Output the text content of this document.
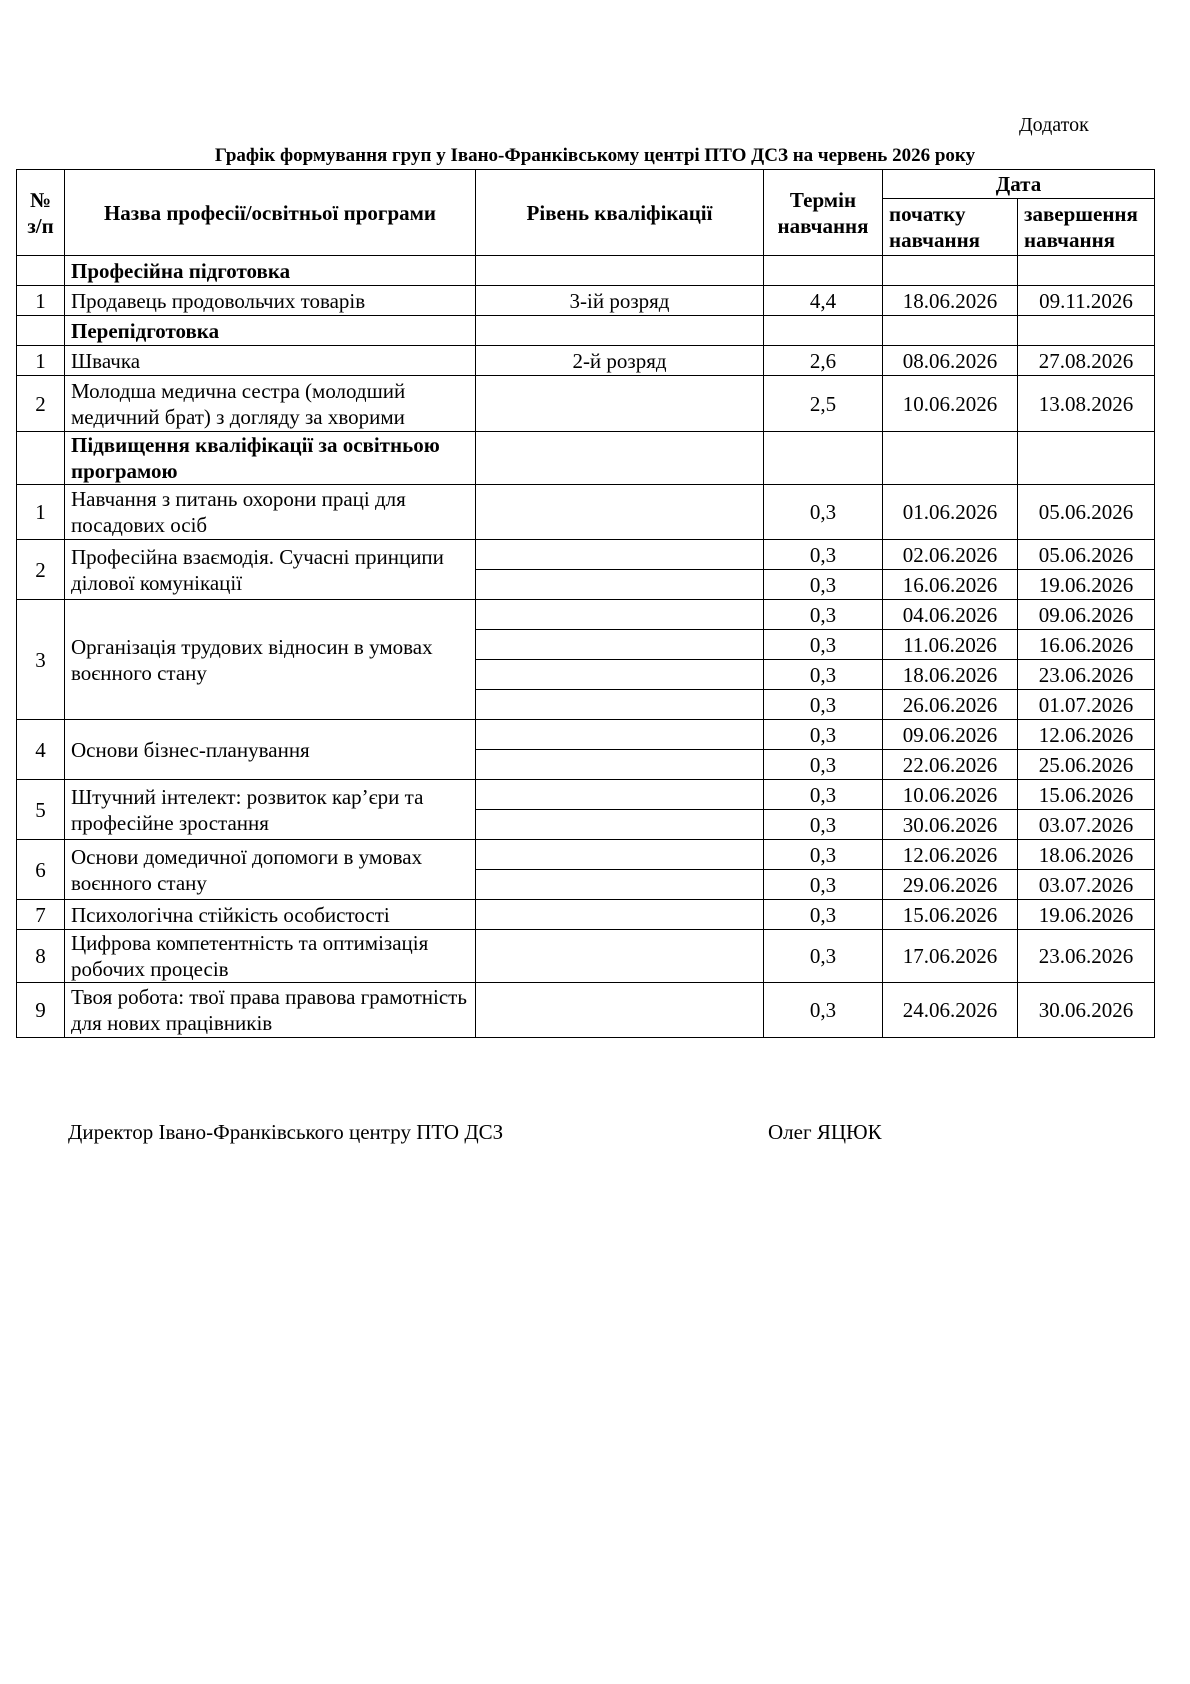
Додаток
Графік формування груп у Івано-Франківському центрі ПТО ДСЗ на червень 2026 року
№ з/п	Назва професії/освітньої програми	Рівень кваліфікації	Термін навчання	Дата	
				початку навчання	завершення навчання
	Професійна підготовка				
1	Продавець продовольчих товарів	3-ій розряд	4,4	18.06.2026	09.11.2026
	Перепідготовка				
1	Швачка	2-й розряд	2,6	08.06.2026	27.08.2026
2	Молодша медична сестра (молодший медичний брат) з догляду за хворими		2,5	10.06.2026	13.08.2026
	Підвищення кваліфікації за освітньою програмою				
1	Навчання з питань охорони праці для посадових осіб		0,3	01.06.2026	05.06.2026
2	Професійна взаємодія. Сучасні принципи ділової комунікації		0,3	02.06.2026	05.06.2026
			0,3	16.06.2026	19.06.2026
3	Організація трудових відносин в умовах воєнного стану		0,3	04.06.2026	09.06.2026
			0,3	11.06.2026	16.06.2026
			0,3	18.06.2026	23.06.2026
			0,3	26.06.2026	01.07.2026
4	Основи бізнес-планування		0,3	09.06.2026	12.06.2026
			0,3	22.06.2026	25.06.2026
5	Штучний інтелект: розвиток кар’єри та професійне зростання		0,3	10.06.2026	15.06.2026
			0,3	30.06.2026	03.07.2026
6	Основи домедичної допомоги в умовах воєнного стану		0,3	12.06.2026	18.06.2026
			0,3	29.06.2026	03.07.2026
7	Психологічна стійкість особистості		0,3	15.06.2026	19.06.2026
8	Цифрова компетентність та оптимізація робочих процесів		0,3	17.06.2026	23.06.2026
9	Твоя робота: твої права правова грамотність для нових працівників		0,3	24.06.2026	30.06.2026
Директор Івано-Франківського центру ПТО ДСЗ	Олег ЯЦЮК
